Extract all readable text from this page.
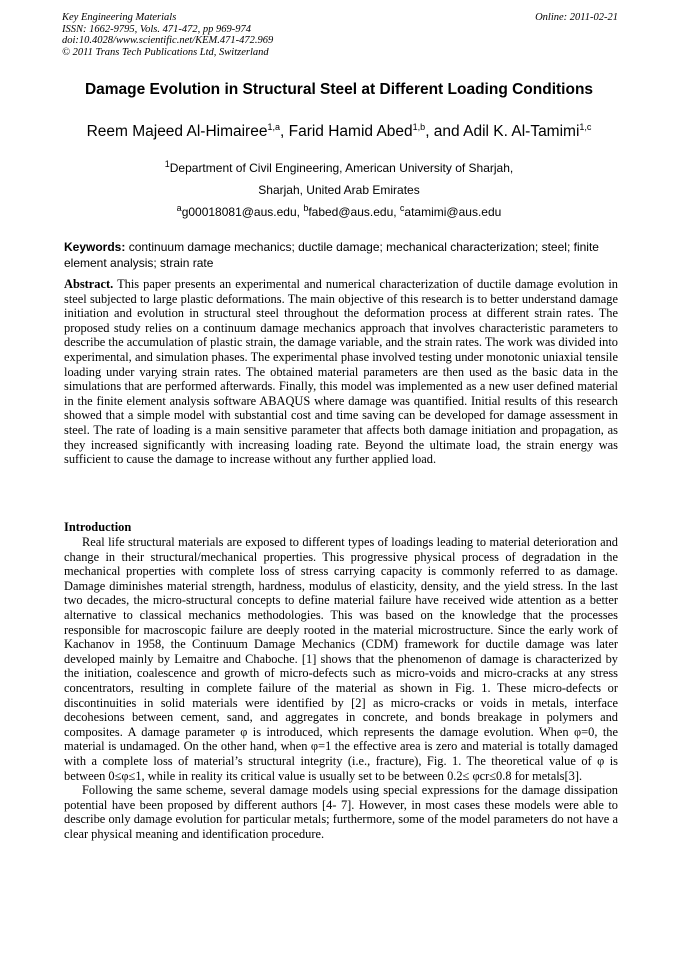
Key Engineering Materials
ISSN: 1662-9795, Vols. 471-472, pp 969-974
doi:10.4028/www.scientific.net/KEM.471-472.969
© 2011 Trans Tech Publications Ltd, Switzerland
Online: 2011-02-21
Damage Evolution in Structural Steel at Different Loading Conditions
Reem Majeed Al-Himairee$^{1,a}$, Farid Hamid Abed$^{1,b}$, and Adil K. Al-Tamimi$^{1,c}$
$^1$Department of Civil Engineering, American University of Sharjah,
Sharjah, United Arab Emirates
$^a$g00018081@aus.edu, $^b$fabed@aus.edu, $^c$atamimi@aus.edu
Keywords: continuum damage mechanics; ductile damage; mechanical characterization; steel; finite element analysis; strain rate

Abstract. This paper presents an experimental and numerical characterization of ductile damage evolution in steel subjected to large plastic deformations. The main objective of this research is to better understand damage initiation and evolution in structural steel throughout the deformation process at different strain rates. The proposed study relies on a continuum damage mechanics approach that involves characteristic parameters to describe the accumulation of plastic strain, the damage variable, and the strain rates. The work was divided into experimental, and simulation phases. The experimental phase involved testing under monotonic uniaxial tensile loading under varying strain rates. The obtained material parameters are then used as the basic data in the simulations that are performed afterwards. Finally, this model was implemented as a new user defined material in the finite element analysis software ABAQUS where damage was quantified. Initial results of this research showed that a simple model with substantial cost and time saving can be developed for damage assessment in steel. The rate of loading is a main sensitive parameter that affects both damage initiation and propagation, as they increased significantly with increasing loading rate. Beyond the ultimate load, the strain energy was sufficient to cause the damage to increase without any further applied load.

Introduction

Real life structural materials are exposed to different types of loadings leading to material deterioration and change in their structural/mechanical properties. This progressive physical process of degradation in the mechanical properties with complete loss of stress carrying capacity is commonly referred to as damage. Damage diminishes material strength, hardness, modulus of elasticity, density, and the yield stress. In the last two decades, the micro-structural concepts to define material failure have received wide attention as a better alternative to classical mechanics methodologies. This was based on the knowledge that the processes responsible for macroscopic failure are deeply rooted in the material microstructure. Since the early work of Kachanov in 1958, the Continuum Damage Mechanics (CDM) framework for ductile damage was later developed mainly by Lemaitre and Chaboche. [1] shows that the phenomenon of damage is characterized by the initiation, coalescence and growth of micro-defects such as micro-voids and micro-cracks at any stress concentrators, resulting in complete failure of the material as shown in Fig. 1. These micro-defects or discontinuities in solid materials were identified by [2] as micro-cracks or voids in metals, interface decohesions between cement, sand, and aggregates in concrete, and bonds breakage in polymers and composites. A damage parameter φ is introduced, which represents the damage evolution. When φ=0, the material is undamaged. On the other hand, when φ=1 the effective area is zero and material is totally damaged with a complete loss of material’s structural integrity (i.e., fracture), Fig. 1. The theoretical value of φ is between 0≤φ≤1, while in reality its critical value is usually set to be between 0.2≤ φcr≤0.8 for metals[3].

Following the same scheme, several damage models using special expressions for the damage dissipation potential have been proposed by different authors [4- 7]. However, in most cases these models were able to describe only damage evolution for particular metals; furthermore, some of the model parameters do not have a clear physical meaning and identification procedure.
